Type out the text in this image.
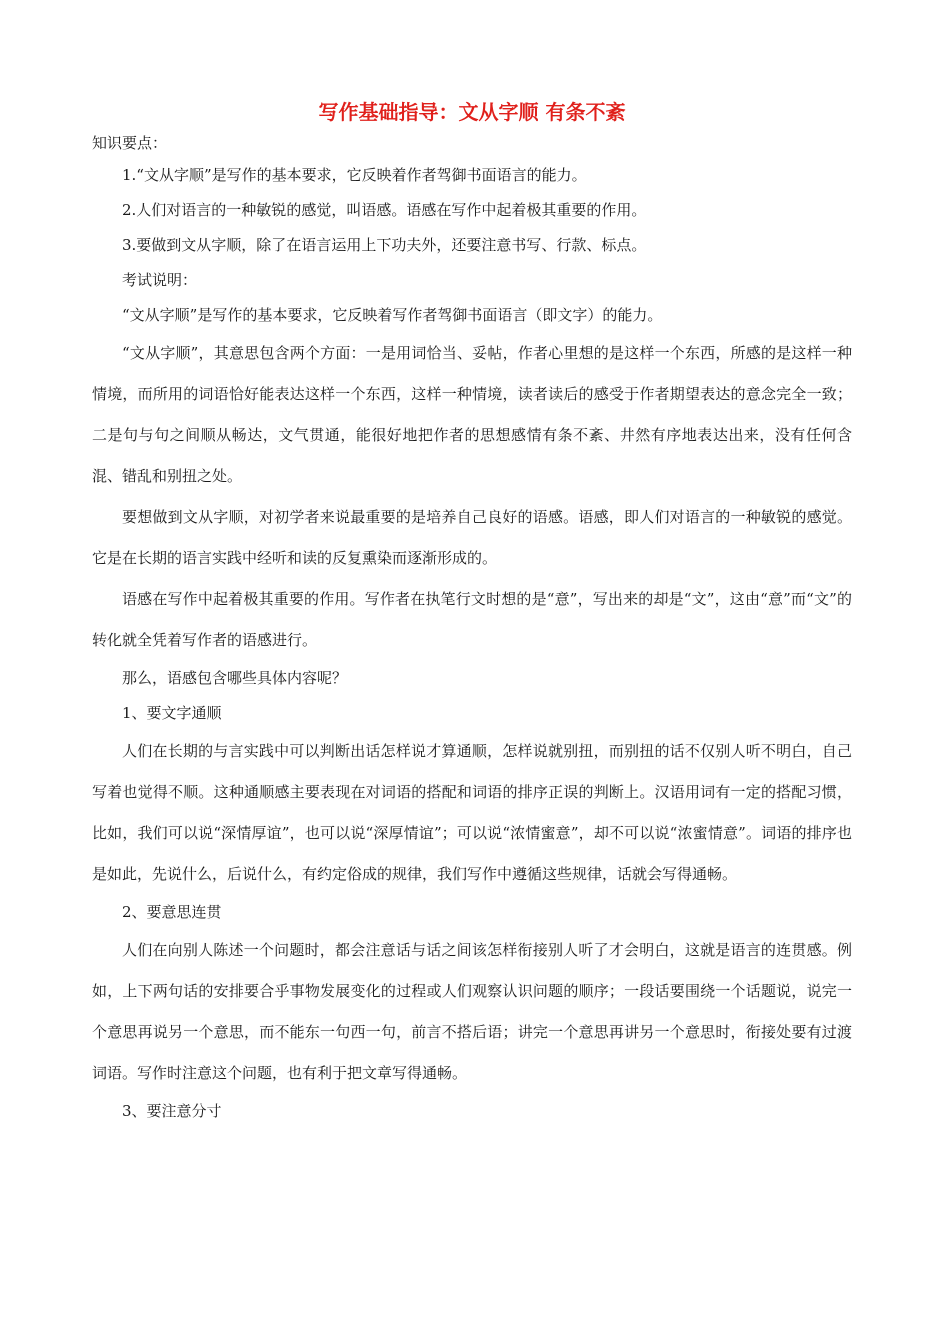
写作基础指导：文从字顺 有条不紊

知识要点：

1.“文从字顺”是写作的基本要求，它反映着作者驾御书面语言的能力。

2.人们对语言的一种敏锐的感觉，叫语感。语感在写作中起着极其重要的作用。

3.要做到文从字顺，除了在语言运用上下功夫外，还要注意书写、行款、标点。

考试说明：

“文从字顺”是写作的基本要求，它反映着写作者驾御书面语言（即文字）的能力。

“文从字顺”，其意思包含两个方面：一是用词恰当、妥帖，作者心里想的是这样一个东西，所感的是这样一种情境，而所用的词语恰好能表达这样一个东西，这样一种情境，读者读后的感受于作者期望表达的意念完全一致；二是句与句之间顺从畅达，文气贯通，能很好地把作者的思想感情有条不紊、井然有序地表达出来，没有任何含混、错乱和别扭之处。

要想做到文从字顺，对初学者来说最重要的是培养自己良好的语感。语感，即人们对语言的一种敏锐的感觉。它是在长期的语言实践中经听和读的反复熏染而逐渐形成的。

语感在写作中起着极其重要的作用。写作者在执笔行文时想的是“意”，写出来的却是“文”，这由“意”而“文”的转化就全凭着写作者的语感进行。

那么，语感包含哪些具体内容呢？

1、要文字通顺

人们在长期的与言实践中可以判断出话怎样说才算通顺，怎样说就别扭，而别扭的话不仅别人听不明白，自己写着也觉得不顺。这种通顺感主要表现在对词语的搭配和词语的排序正误的判断上。汉语用词有一定的搭配习惯，比如，我们可以说“深情厚谊”，也可以说“深厚情谊”；可以说“浓情蜜意”，却不可以说“浓蜜情意”。词语的排序也是如此，先说什么，后说什么，有约定俗成的规律，我们写作中遵循这些规律，话就会写得通畅。

2、要意思连贯

人们在向别人陈述一个问题时，都会注意话与话之间该怎样衔接别人听了才会明白，这就是语言的连贯感。例如，上下两句话的安排要合乎事物发展变化的过程或人们观察认识问题的顺序；一段话要围绕一个话题说，说完一个意思再说另一个意思，而不能东一句西一句，前言不搭后语；讲完一个意思再讲另一个意思时，衔接处要有过渡词语。写作时注意这个问题，也有利于把文章写得通畅。

3、要注意分寸
